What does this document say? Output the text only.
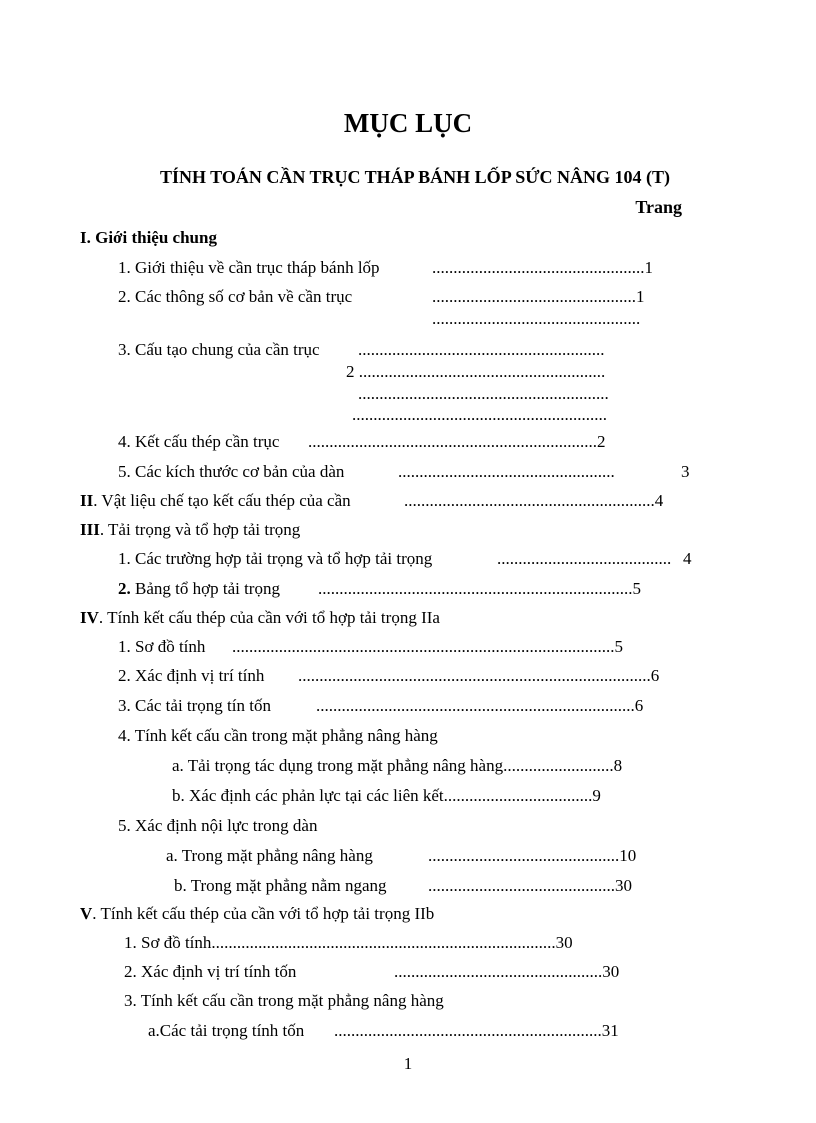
MỤC LỤC
TÍNH TOÁN CẦN TRỤC THÁP BÁNH LỐP SỨC NÂNG 104 (T)
Trang
I. Giới thiệu chung
1. Giới thiệu về cần trục tháp bánh lốp	..................................................1
2. Các thông số cơ bản về cần trục	................................................1
.................................................
3. Cấu tạo chung của cần trục ..........................................................
2 ..........................................................
...........................................................
............................................................
4. Kết cấu thép cần trục ....................................................................2
5. Các kích thước cơ bản của dàn	...................................................	3
II. Vật liệu chế tạo kết cấu thép của cần	...........................................................4
III. Tải trọng và tổ hợp tải trọng
1. Các trường hợp tải trọng và tổ hợp tải trọng	......................................... 4
2. Bảng tổ hợp tải trọng ..........................................................................5
IV. Tính kết cấu thép của cần với tổ hợp tải trọng IIa
1. Sơ đồ tính ..........................................................................................5
2. Xác định vị trí tính ...................................................................................6
3. Các tải trọng tín tốn	...........................................................................6
4. Tính kết cấu cần trong mặt phẳng nâng hàng
a. Tải trọng tác dụng trong mặt phẳng nâng hàng..........................8
b. Xác định các phản lực tại các liên kết...................................9
5. Xác định nội lực trong dàn
a. Trong mặt phẳng nâng hàng	.............................................10
b. Trong mặt phẳng nằm ngang ............................................30
V. Tính kết cấu thép của cần với tổ hợp tải trọng IIb
1. Sơ đồ tính.................................................................................30
2. Xác định vị trí tính tốn	.................................................30
3. Tính kết cấu cần trong mặt phẳng nâng hàng
a.Các tải trọng tính tốn ...............................................................31
1
